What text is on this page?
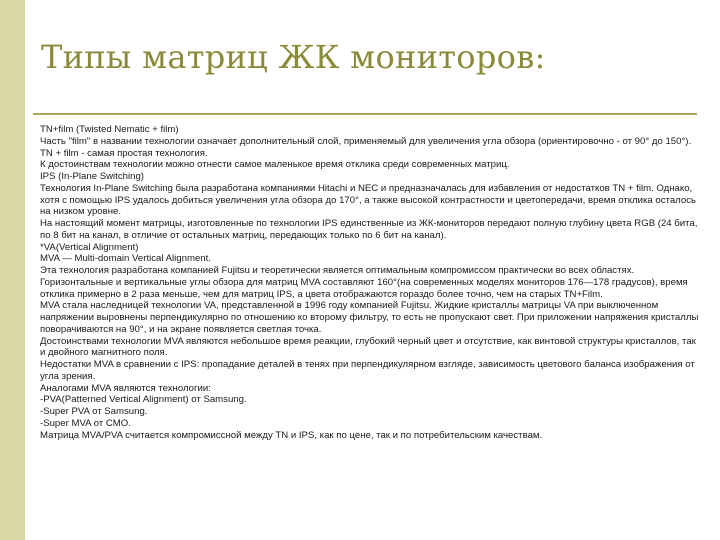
Типы матриц ЖК мониторов:

TN+film (Twisted Nematic + film)

Часть "film" в названии технологии означает дополнительный слой, применяемый для увеличения угла обзора (ориентировочно - от 90° до 150°). TN + film - самая простая технология.

К достоинствам технологии можно отнести самое маленькое время отклика среди современных матриц.

IPS (In-Plane Switching)

Технология In-Plane Switching была разработана компаниями Hitachi и NEC и предназначалась для избавления от недостатков TN + film. Однако, хотя с помощью IPS удалось добиться увеличения угла обзора до 170°, а также высокой контрастности и цветопередачи, время отклика осталось на низком уровне.

На настоящий момент матрицы, изготовленные по технологии IPS единственные из ЖК-мониторов передают полную глубину цвета RGB (24 бита, по 8 бит на канал, в отличие от остальных матриц, передающих только по 6 бит на канал).

*VA(Vertical Alignment)

MVA — Multi-domain Vertical Alignment.

Эта технология разработана компанией Fujitsu и теоретически является оптимальным компромиссом практически во всех областях. Горизонтальные и вертикальные углы обзора для матриц MVA составляют 160°(на современных моделях мониторов 176—178 градусов), время отклика примерно в 2 раза меньше, чем для матриц IPS, а цвета отображаются гораздо более точно, чем на старых TN+Film.

MVA стала наследницей технологии VA, представленной в 1996 году компанией Fujitsu. Жидкие кристаллы матрицы VA при выключенном напряжении выровнены перпендикулярно по отношению ко второму фильтру, то есть не пропускают свет. При приложении напряжения кристаллы поворачиваются на 90°, и на экране появляется светлая точка.

Достоинствами технологии MVA являются небольшое время реакции, глубокий черный цвет и отсутствие, как винтовой структуры кристаллов, так и двойного магнитного поля.

Недостатки MVA в сравнении с IPS: пропадание деталей в тенях при перпендикулярном взгляде, зависимость цветового баланса изображения от угла зрения.

Аналогами MVA являются технологии:

-PVA(Patterned Vertical Alignment) от Samsung.

-Super PVA от Samsung.

-Super MVA от CMO.

Матрица MVA/PVA считается компромиссной между TN и IPS, как по цене, так и по потребительским качествам.
